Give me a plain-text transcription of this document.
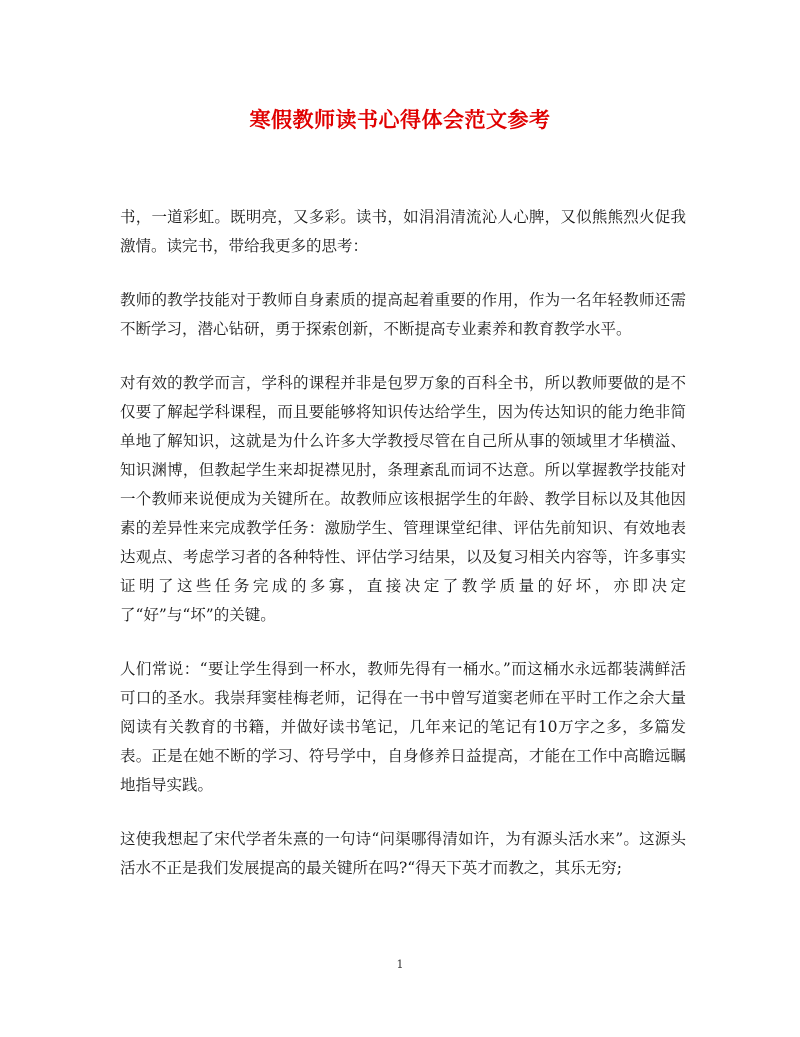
寒假教师读书心得体会范文参考

书，一道彩虹。既明亮，又多彩。读书，如涓涓清流沁人心脾，又似熊熊烈火促我激情。读完书，带给我更多的思考：

教师的教学技能对于教师自身素质的提高起着重要的作用，作为一名年轻教师还需不断学习，潜心钻研，勇于探索创新，不断提高专业素养和教育教学水平。

对有效的教学而言，学科的课程并非是包罗万象的百科全书，所以教师要做的是不仅要了解起学科课程，而且要能够将知识传达给学生，因为传达知识的能力绝非简单地了解知识，这就是为什么许多大学教授尽管在自己所从事的领域里才华横溢、知识渊博，但教起学生来却捉襟见肘，条理紊乱而词不达意。所以掌握教学技能对一个教师来说便成为关键所在。故教师应该根据学生的年龄、教学目标以及其他因素的差异性来完成教学任务：激励学生、管理课堂纪律、评估先前知识、有效地表达观点、考虑学习者的各种特性、评估学习结果，以及复习相关内容等，许多事实证明了这些任务完成的多寡，直接决定了教学质量的好坏，亦即决定了“好”与“坏”的关键。

人们常说：“要让学生得到一杯水，教师先得有一桶水。”而这桶水永远都装满鲜活可口的圣水。我崇拜窦桂梅老师，记得在一书中曾写道窦老师在平时工作之余大量阅读有关教育的书籍，并做好读书笔记，几年来记的笔记有10万字之多，多篇发表。正是在她不断的学习、符号学中，自身修养日益提高，才能在工作中高瞻远瞩地指导实践。

这使我想起了宋代学者朱熹的一句诗“问渠哪得清如许，为有源头活水来”。这源头活水不正是我们发展提高的最关键所在吗?“得天下英才而教之，其乐无穷;

1
